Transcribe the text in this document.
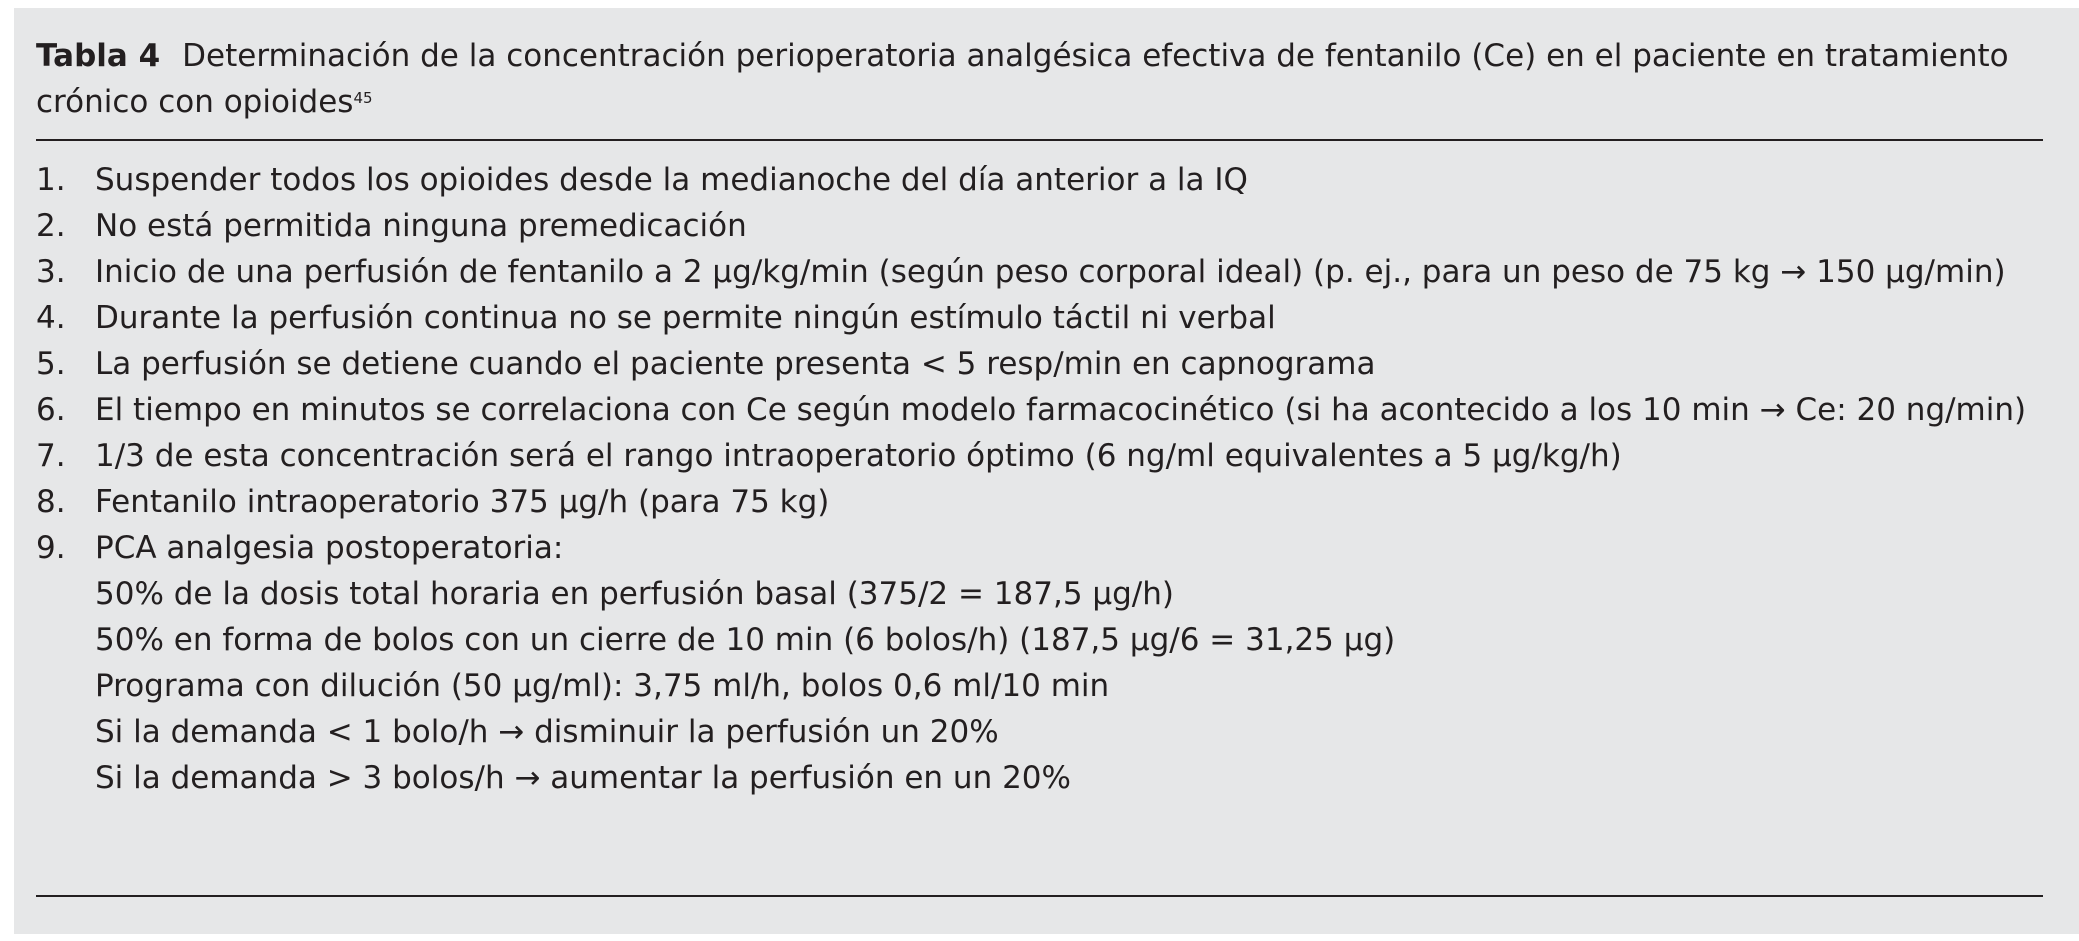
Tabla 4 Determinación de la concentración perioperatoria analgésica efectiva de fentanilo (Ce) en el paciente en tratamiento crónico con opioides$^{45}$

1. Suspender todos los opioides desde la medianoche del día anterior a la IQ
2. No está permitida ninguna premedicación
3. Inicio de una perfusión de fentanilo a 2 µg/kg/min (según peso corporal ideal) (p. ej., para un peso de 75 kg → 150 µg/min)
4. Durante la perfusión continua no se permite ningún estímulo táctil ni verbal
5. La perfusión se detiene cuando el paciente presenta < 5 resp/min en capnograma
6. El tiempo en minutos se correlaciona con Ce según modelo farmacocinético (si ha acontecido a los 10 min → Ce: 20 ng/min)
7. 1/3 de esta concentración será el rango intraoperatorio óptimo (6 ng/ml equivalentes a 5 µg/kg/h)
8. Fentanilo intraoperatorio 375 µg/h (para 75 kg)
9. PCA analgesia postoperatoria:
50% de la dosis total horaria en perfusión basal (375/2 = 187,5 µg/h)
50% en forma de bolos con un cierre de 10 min (6 bolos/h) (187,5 µg/6 = 31,25 µg)
Programa con dilución (50 µg/ml): 3,75 ml/h, bolos 0,6 ml/10 min
Si la demanda < 1 bolo/h → disminuir la perfusión un 20%
Si la demanda > 3 bolos/h → aumentar la perfusión en un 20%
